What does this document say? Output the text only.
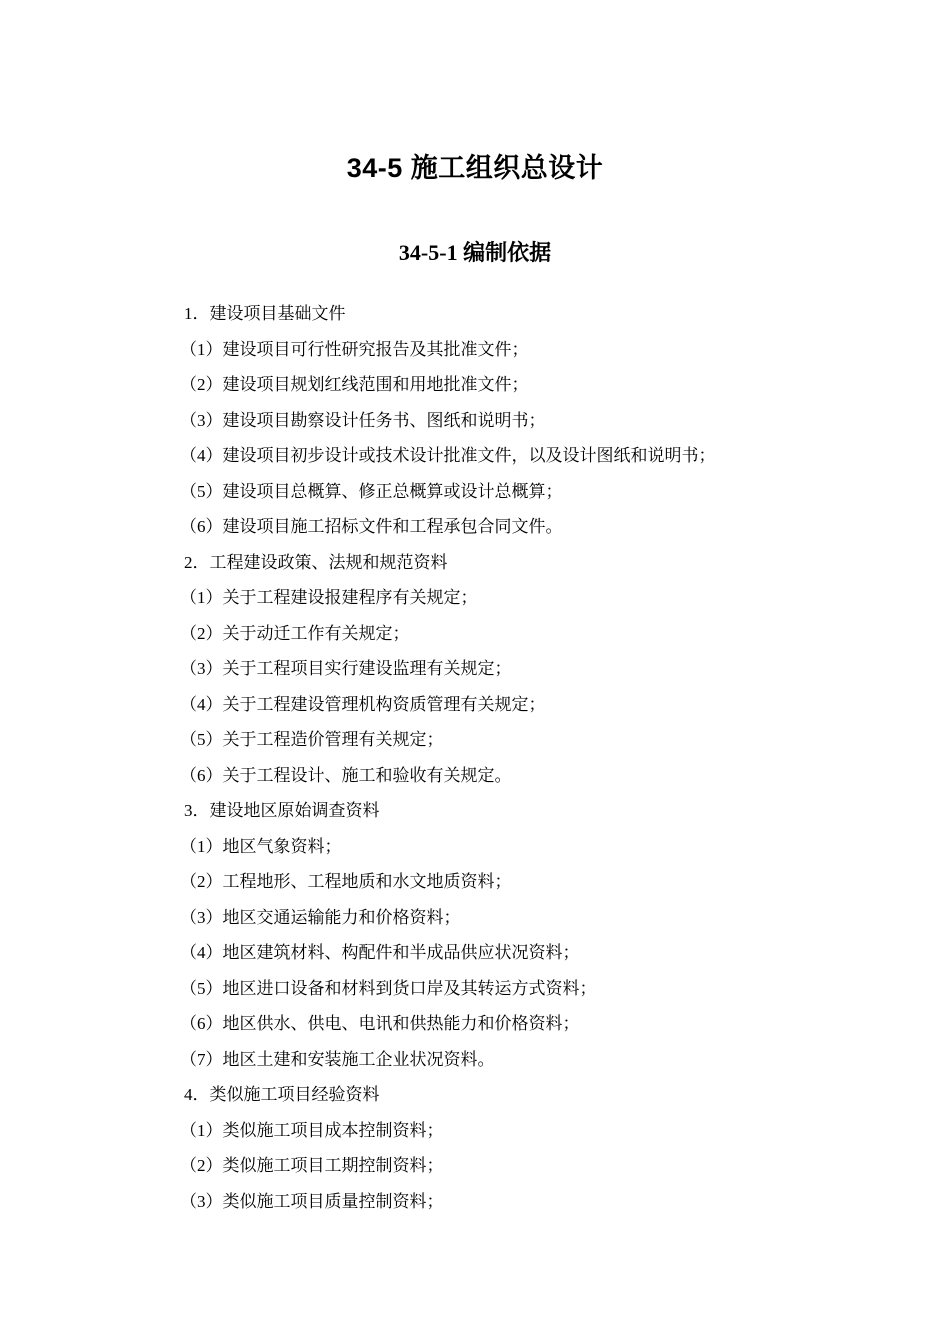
34-5 施工组织总设计
34-5-1 编制依据
1．建设项目基础文件
（1）建设项目可行性研究报告及其批准文件；
（2）建设项目规划红线范围和用地批准文件；
（3）建设项目勘察设计任务书、图纸和说明书；
（4）建设项目初步设计或技术设计批准文件，以及设计图纸和说明书；
（5）建设项目总概算、修正总概算或设计总概算；
（6）建设项目施工招标文件和工程承包合同文件。
2．工程建设政策、法规和规范资料
（1）关于工程建设报建程序有关规定；
（2）关于动迁工作有关规定；
（3）关于工程项目实行建设监理有关规定；
（4）关于工程建设管理机构资质管理有关规定；
（5）关于工程造价管理有关规定；
（6）关于工程设计、施工和验收有关规定。
3．建设地区原始调查资料
（1）地区气象资料；
（2）工程地形、工程地质和水文地质资料；
（3）地区交通运输能力和价格资料；
（4）地区建筑材料、构配件和半成品供应状况资料；
（5）地区进口设备和材料到货口岸及其转运方式资料；
（6）地区供水、供电、电讯和供热能力和价格资料；
（7）地区土建和安装施工企业状况资料。
4．类似施工项目经验资料
（1）类似施工项目成本控制资料；
（2）类似施工项目工期控制资料；
（3）类似施工项目质量控制资料；
